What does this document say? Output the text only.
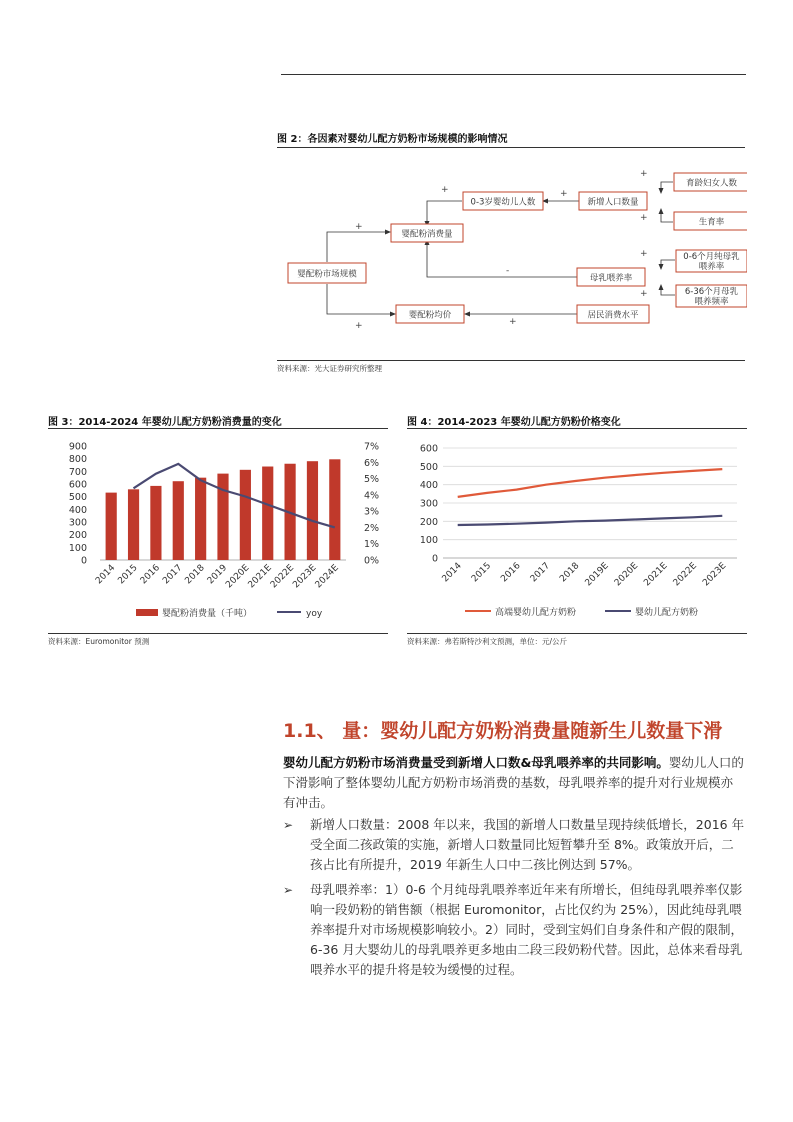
图 2：各因素对婴幼儿配方奶粉市场规模的影响情况
婴配粉市场规模
婴配粉消费量
婴配粉均价
0-3岁婴幼儿人数	新增人口数量
母乳喂养率
居民消费水平
育龄妇女人数
生育率
0-6个月纯母乳
喂养率
6-36个月母乳
喂养频率
+
+
+	+
+
+
-
+
+
+
资料来源：光大证券研究所整理
图 3：2014-2024 年婴幼儿配方奶粉消费量的变化
900
800
700
600
500
400
300
200
100
0
7%
6%
5%
4%
3%
2%
1%
0%
2014 2015 2016 2017 2018 2019
2020E
2021E
2022E
2023E
2024E
婴配粉消费量（千吨）	yoy
资料来源：Euromonitor 预测
图 4：2014-2023 年婴幼儿配方奶粉价格变化
600
500
400
300
200
100
0
2014 2015 2016 2017 2018 2019E 2020E 2021E 2022E 2023E
高端婴幼儿配方奶粉	婴幼儿配方奶粉
资料来源：弗若斯特沙利文预测，单位：元/公斤
1.1、 量：婴幼儿配方奶粉消费量随新生儿数量下滑
婴幼儿配方奶粉市场消费量受到新增人口数&母乳喂养率的共同影响。婴幼儿人口的下滑影响了整体婴幼儿配方奶粉市场消费的基数，母乳喂养率的提升对行业规模亦有冲击。
➢ 新增人口数量：2008 年以来，我国的新增人口数量呈现持续低增长，2016 年受全面二孩政策的实施，新增人口数量同比短暂攀升至 8%。政策放开后，二孩占比有所提升，2019 年新生人口中二孩比例达到 57%。
➢ 母乳喂养率：1）0-6 个月纯母乳喂养率近年来有所增长，但纯母乳喂养率仅影响一段奶粉的销售额（根据 Euromonitor，占比仅约为 25%），因此纯母乳喂养率提升对市场规模影响较小。2）同时，受到宝妈们自身条件和产假的限制，6-36 月大婴幼儿的母乳喂养更多地由二段三段奶粉代替。因此，总体来看母乳喂养水平的提升将是较为缓慢的过程。
